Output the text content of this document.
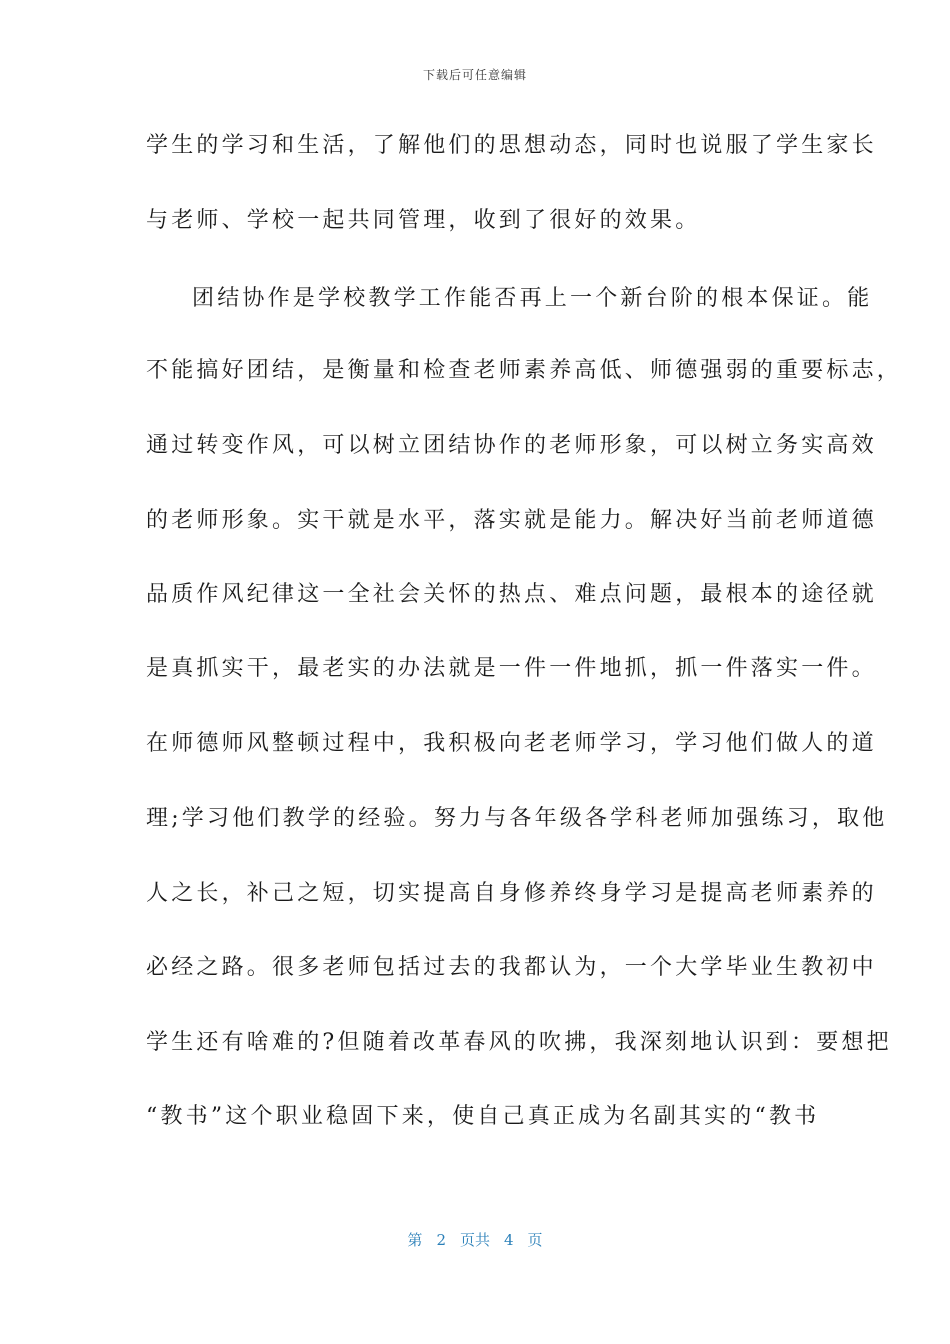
下载后可任意编辑
学生的学习和生活，了解他们的思想动态，同时也说服了学生家长
与老师、学校一起共同管理，收到了很好的效果。
团结协作是学校教学工作能否再上一个新台阶的根本保证。能
不能搞好团结，是衡量和检查老师素养高低、师德强弱的重要标志，
通过转变作风，可以树立团结协作的老师形象，可以树立务实高效
的老师形象。实干就是水平，落实就是能力。解决好当前老师道德
品质作风纪律这一全社会关怀的热点、难点问题，最根本的途径就
是真抓实干，最老实的办法就是一件一件地抓，抓一件落实一件。
在师德师风整顿过程中，我积极向老老师学习，学习他们做人的道
理;学习他们教学的经验。努力与各年级各学科老师加强练习，取他
人之长，补己之短，切实提高自身修养终身学习是提高老师素养的
必经之路。很多老师包括过去的我都认为，一个大学毕业生教初中
学生还有啥难的?但随着改革春风的吹拂，我深刻地认识到：要想把
“教书”这个职业稳固下来，使自己真正成为名副其实的“教书
第 2 页共 4 页
